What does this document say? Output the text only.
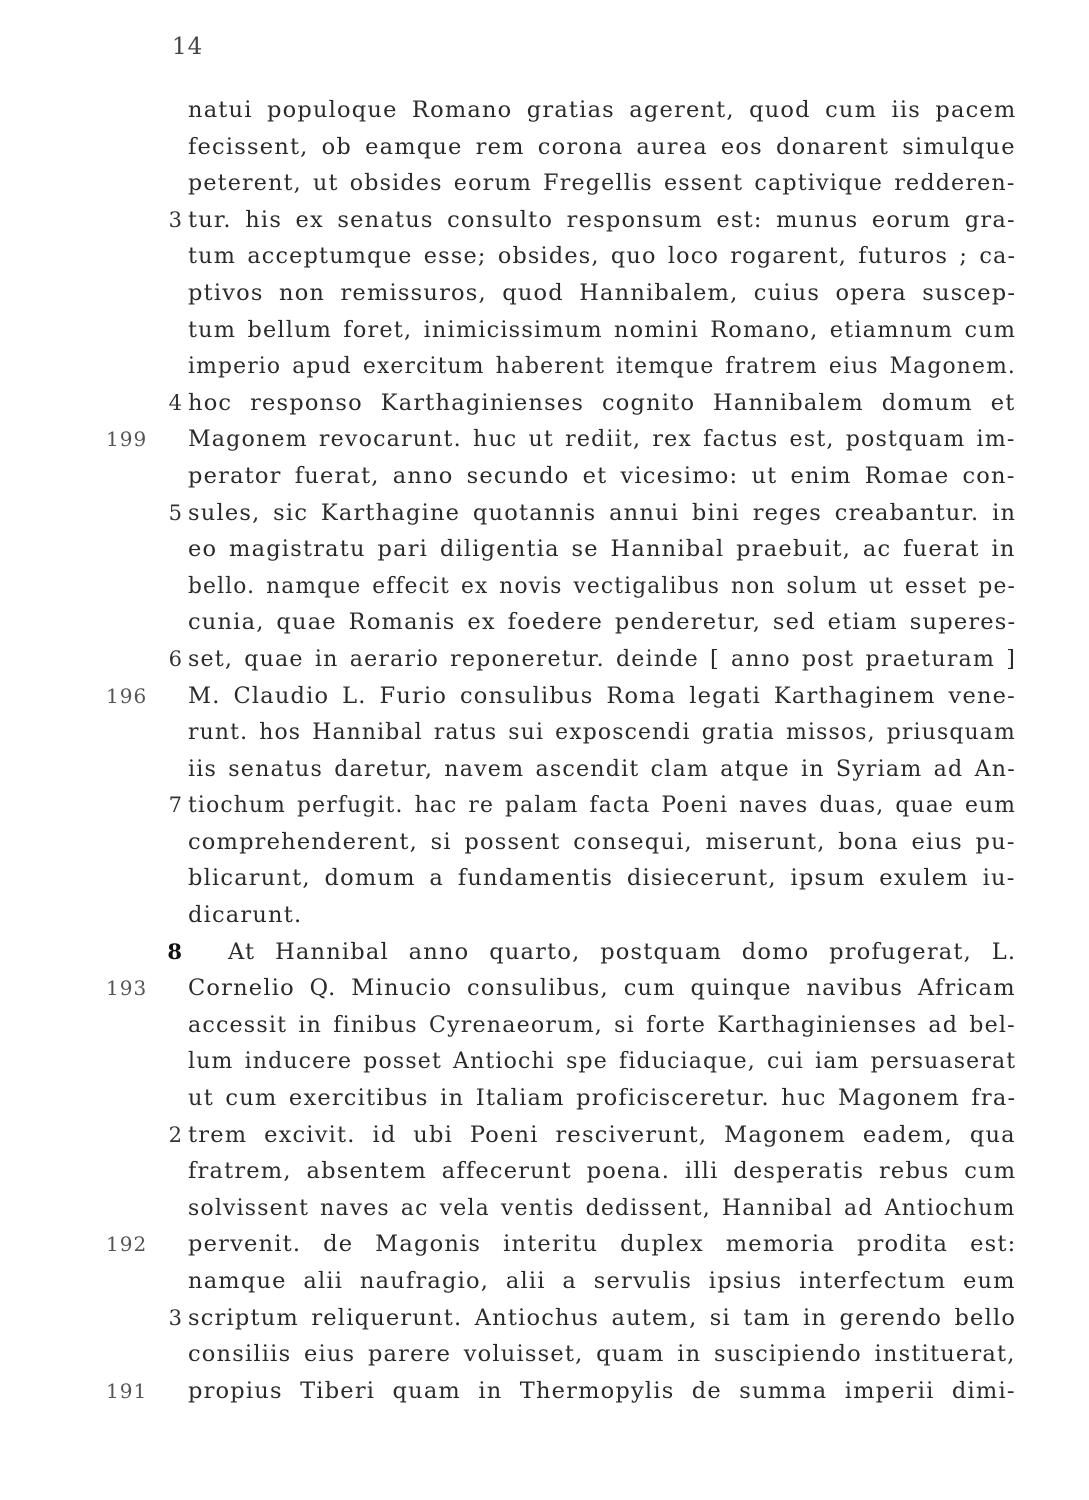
14
natui populoque Romano gratias agerent, quod cum iis pacem
fecissent, ob eamque rem corona aurea eos donarent simulque
peterent, ut obsides eorum Fregellis essent captivique redderen-
3 tur. his ex senatus consulto responsum est: munus eorum gra-
tum acceptumque esse; obsides, quo loco rogarent, futuros ; ca-
ptivos non remissuros, quod Hannibalem, cuius opera suscep-
tum bellum foret, inimicissimum nomini Romano, etiamnum cum
imperio apud exercitum haberent itemque fratrem eius Magonem.
4 hoc responso Karthaginienses cognito Hannibalem domum et
199	Magonem revocarunt. huc ut rediit, rex factus est, postquam im-
perator fuerat, anno secundo et vicesimo: ut enim Romae con-
5 sules, sic Karthagine quotannis annui bini reges creabantur. in
eo magistratu pari diligentia se Hannibal praebuit, ac fuerat in
bello. namque effecit ex novis vectigalibus non solum ut esset pe-
cunia, quae Romanis ex foedere penderetur, sed etiam superes-
6 set, quae in aerario reponeretur. deinde [ anno post praeturam ]
196	M. Claudio L. Furio consulibus Roma legati Karthaginem vene-
runt. hos Hannibal ratus sui exposcendi gratia missos, priusquam
iis senatus daretur, navem ascendit clam atque in Syriam ad An-
7 tiochum perfugit. hac re palam facta Poeni naves duas, quae eum
comprehenderent, si possent consequi, miserunt, bona eius pu-
blicarunt, domum a fundamentis disiecerunt, ipsum exulem iu-
dicarunt.
8 At Hannibal anno quarto, postquam domo profugerat, L.
193	Cornelio Q. Minucio consulibus, cum quinque navibus Africam
accessit in finibus Cyrenaeorum, si forte Karthaginienses ad bel-
lum inducere posset Antiochi spe fiduciaque, cui iam persuaserat
ut cum exercitibus in Italiam proficisceretur. huc Magonem fra-
2 trem excivit. id ubi Poeni resciverunt, Magonem eadem, qua
fratrem, absentem affecerunt poena. illi desperatis rebus cum
solvissent naves ac vela ventis dedissent, Hannibal ad Antiochum
192	pervenit. de Magonis interitu duplex memoria prodita est:
namque alii naufragio, alii a servulis ipsius interfectum eum
3 scriptum reliquerunt. Antiochus autem, si tam in gerendo bello
consiliis eius parere voluisset, quam in suscipiendo instituerat,
191	propius Tiberi quam in Thermopylis de summa imperii dimi-
